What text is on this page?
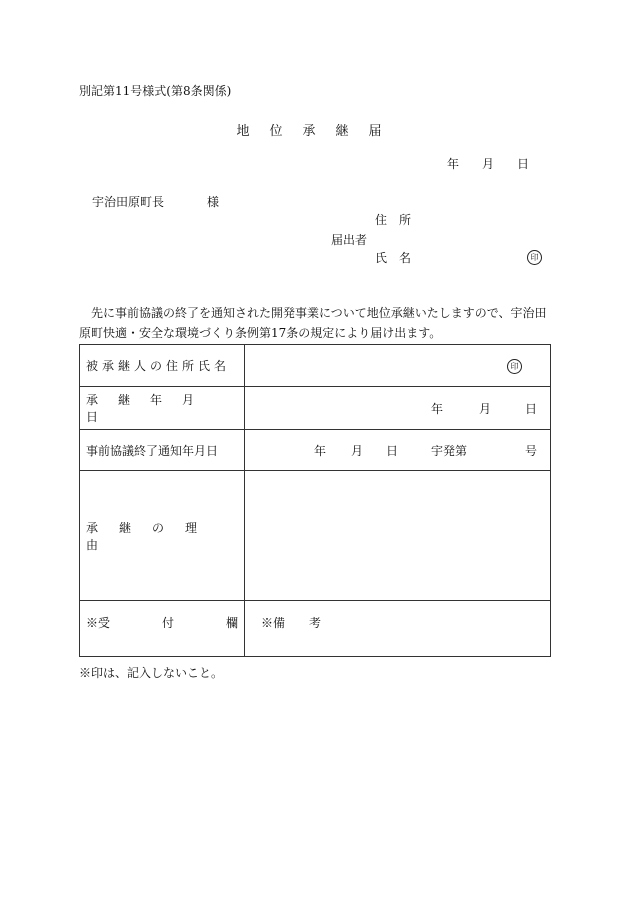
別記第11号様式(第8条関係)
地位承継届
年 月 日
宇治田原町長	様
住所
届出者
氏名	印
先に事前協議の終了を通知された開発事業について地位承継いたしますので、宇治田原町快適・安全な環境づくり条例第17条の規定により届け出ます。
被承継人の住所氏名	印

承継年月日	年 月 日

事前協議終了通知年月日	年 月 日 宇発第 号

承継の理由	

※受 付 欄	※備 考
※印は、記入しないこと。
